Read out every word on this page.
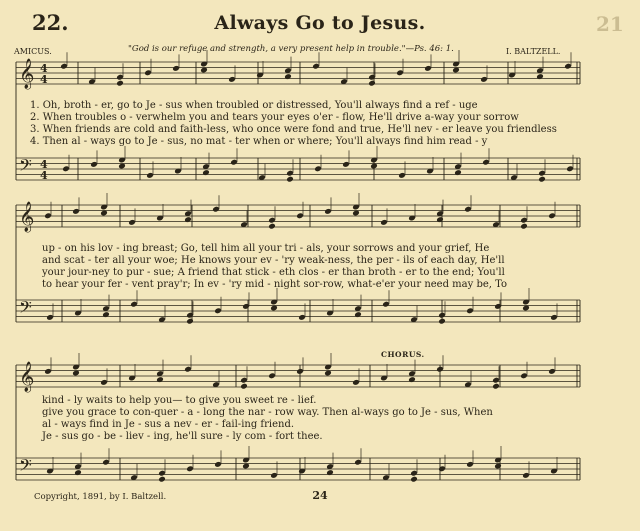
𝄞
𝄢
𝄞
𝄢
𝄞
𝄢
4
4
4
4
21
22.	Always Go to Jesus.
AMICUS.	"God is our refuge and strength, a very present help in trouble."—Ps. 46: 1.	I. BALTZELL.
1. Oh, broth - er, go to Je - sus when troubled or distressed, You'll always find a ref - uge
2. When troubles o - verwhelm you and tears your eyes o'er - flow, He'll drive a-way your sorrow
3. When friends are cold and faith-less, who once were fond and true, He'll nev - er leave you friendless
4. Then al - ways go to Je - sus, no mat - ter when or where; You'll always find him read - y
up - on his lov - ing breast; Go, tell him all your tri - als, your sorrows and your grief, He
and scat - ter all your woe; He knows your ev - 'ry weak-ness, the per - ils of each day, He'll
your jour-ney to pur - sue; A friend that stick - eth clos - er than broth - er to the end; You'll
to hear your fer - vent pray'r; In ev - 'ry mid - night sor-row, what-e'er your need may be, To
CHORUS.
kind - ly waits to help you— to give you sweet re - lief.
give you grace to con-quer - a - long the nar - row way. Then al-ways go to Je - sus, When
al - ways find in Je - sus a nev - er - fail-ing friend.
Je - sus go - be - liev - ing, he'll sure - ly com - fort thee.
Copyright, 1891, by I. Baltzell.	24
